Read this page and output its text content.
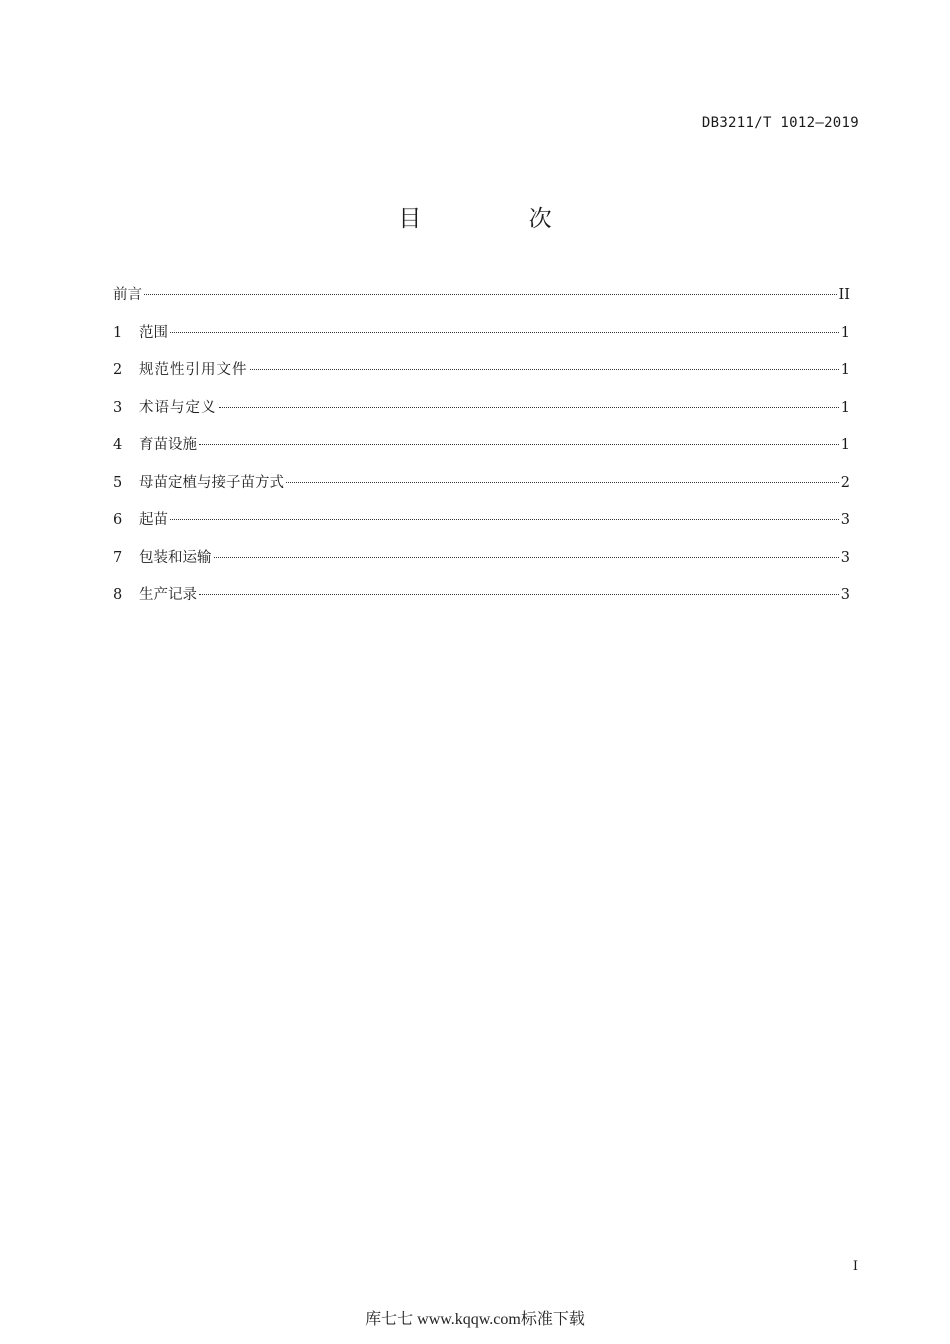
DB3211/T 1012—2019
目 次
前言	II
1	范围	1
2	规范性引用文件	1
3	术语与定义	1
4	育苗设施	1
5	母苗定植与接子苗方式	2
6	起苗	3
7	包装和运输	3
8	生产记录	3
I
库七七 www.kqqw.com标准下载
